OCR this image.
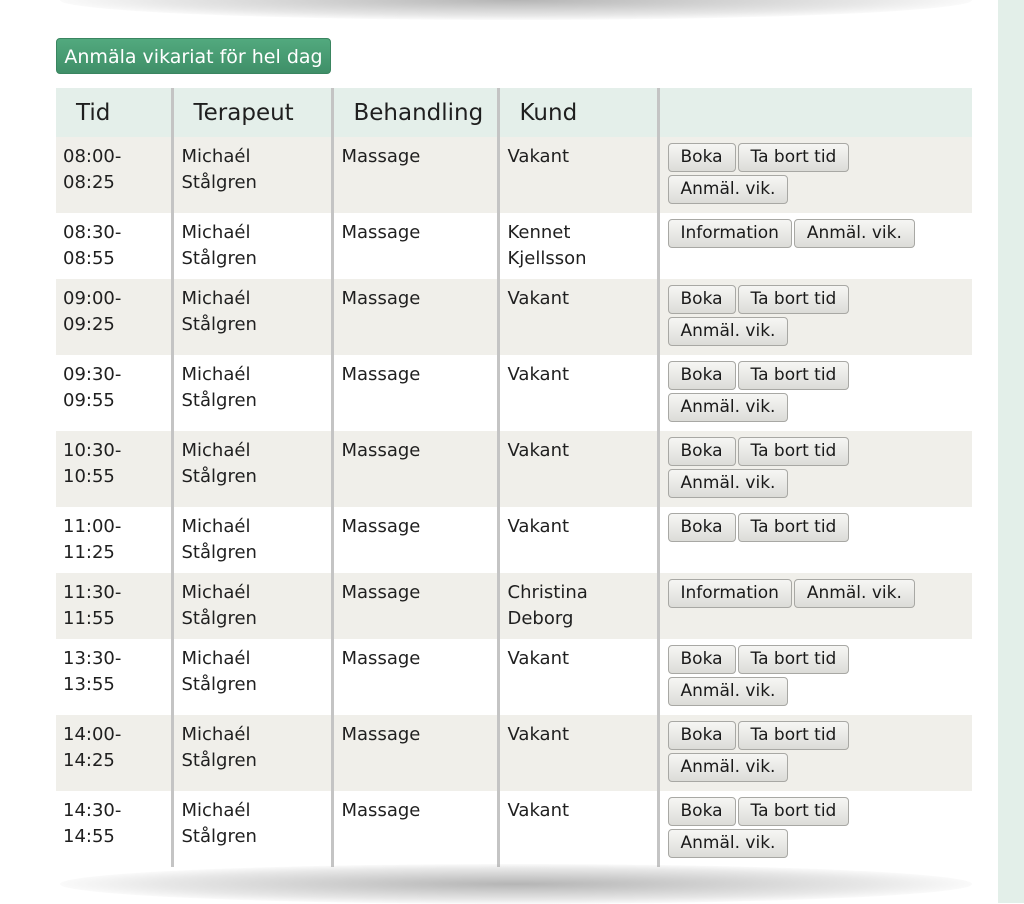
Anmäla vikariat för hel dag
Tid	Terapeut	Behandling	Kund	
08:00-08:25	Michaél Stålgren	Massage	Vakant	Boka Ta bort tidAnmäl. vik.
08:30-08:55	Michaél Stålgren	Massage	Kennet Kjellsson	Information Anmäl. vik.
09:00-09:25	Michaél Stålgren	Massage	Vakant	Boka Ta bort tidAnmäl. vik.
09:30-09:55	Michaél Stålgren	Massage	Vakant	Boka Ta bort tidAnmäl. vik.
10:30-10:55	Michaél Stålgren	Massage	Vakant	Boka Ta bort tidAnmäl. vik.
11:00-11:25	Michaél Stålgren	Massage	Vakant	Boka Ta bort tid
11:30-11:55	Michaél Stålgren	Massage	Christina Deborg	Information Anmäl. vik.
13:30-13:55	Michaél Stålgren	Massage	Vakant	Boka Ta bort tidAnmäl. vik.
14:00-14:25	Michaél Stålgren	Massage	Vakant	Boka Ta bort tidAnmäl. vik.
14:30-14:55	Michaél Stålgren	Massage	Vakant	Boka Ta bort tidAnmäl. vik.
